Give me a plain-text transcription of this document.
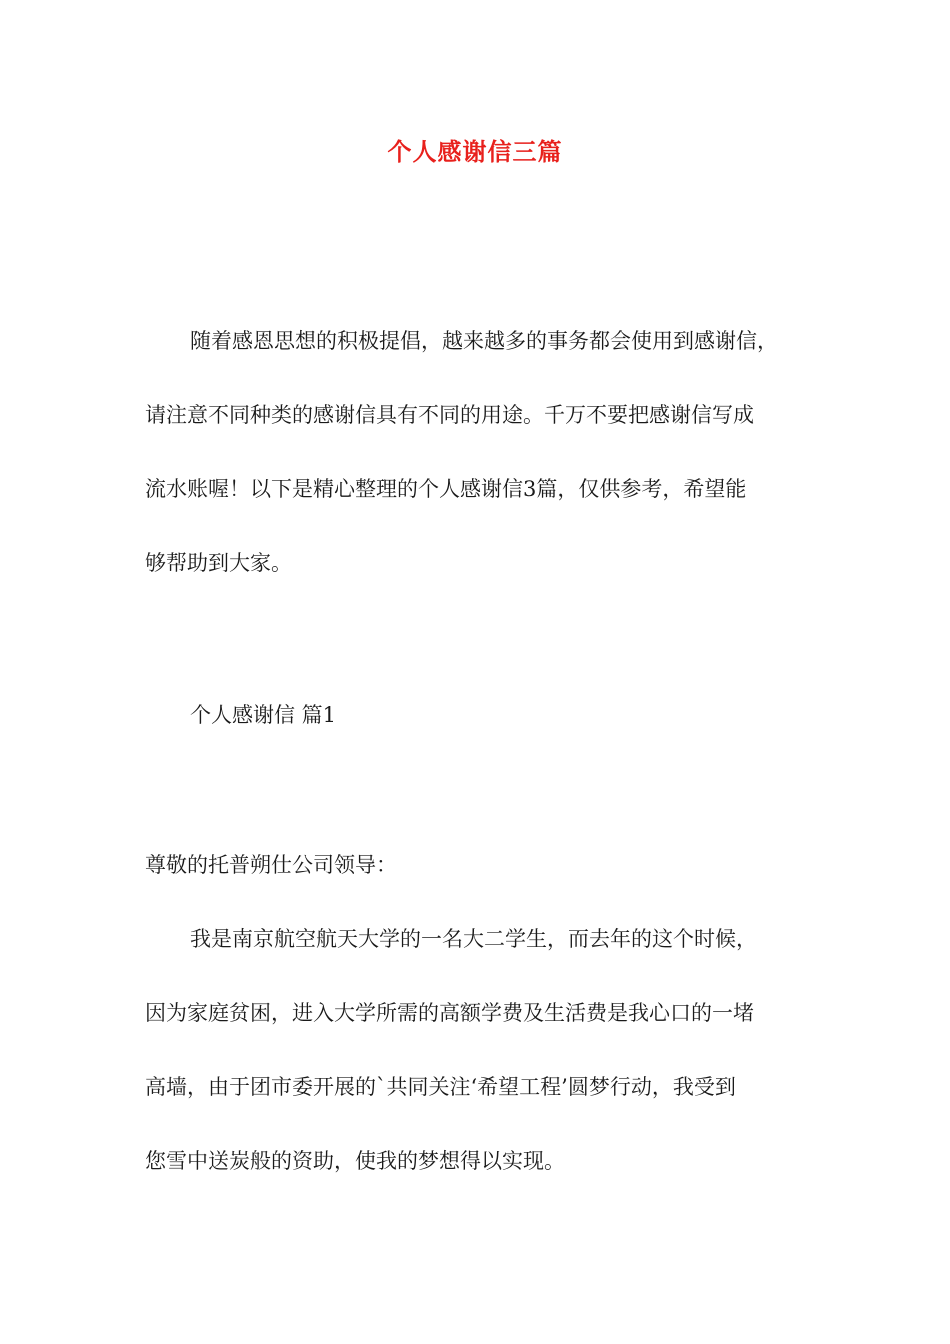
个人感谢信三篇
随着感恩思想的积极提倡，越来越多的事务都会使用到感谢信，
请注意不同种类的感谢信具有不同的用途。千万不要把感谢信写成
流水账喔！以下是精心整理的个人感谢信3篇，仅供参考，希望能
够帮助到大家。
个人感谢信 篇1
尊敬的托普朔仕公司领导：
我是南京航空航天大学的一名大二学生，而去年的这个时候，
因为家庭贫困，进入大学所需的高额学费及生活费是我心口的一堵
高墙，由于团市委开展的`共同关注‘希望工程’圆梦行动，我受到
您雪中送炭般的资助，使我的梦想得以实现。
